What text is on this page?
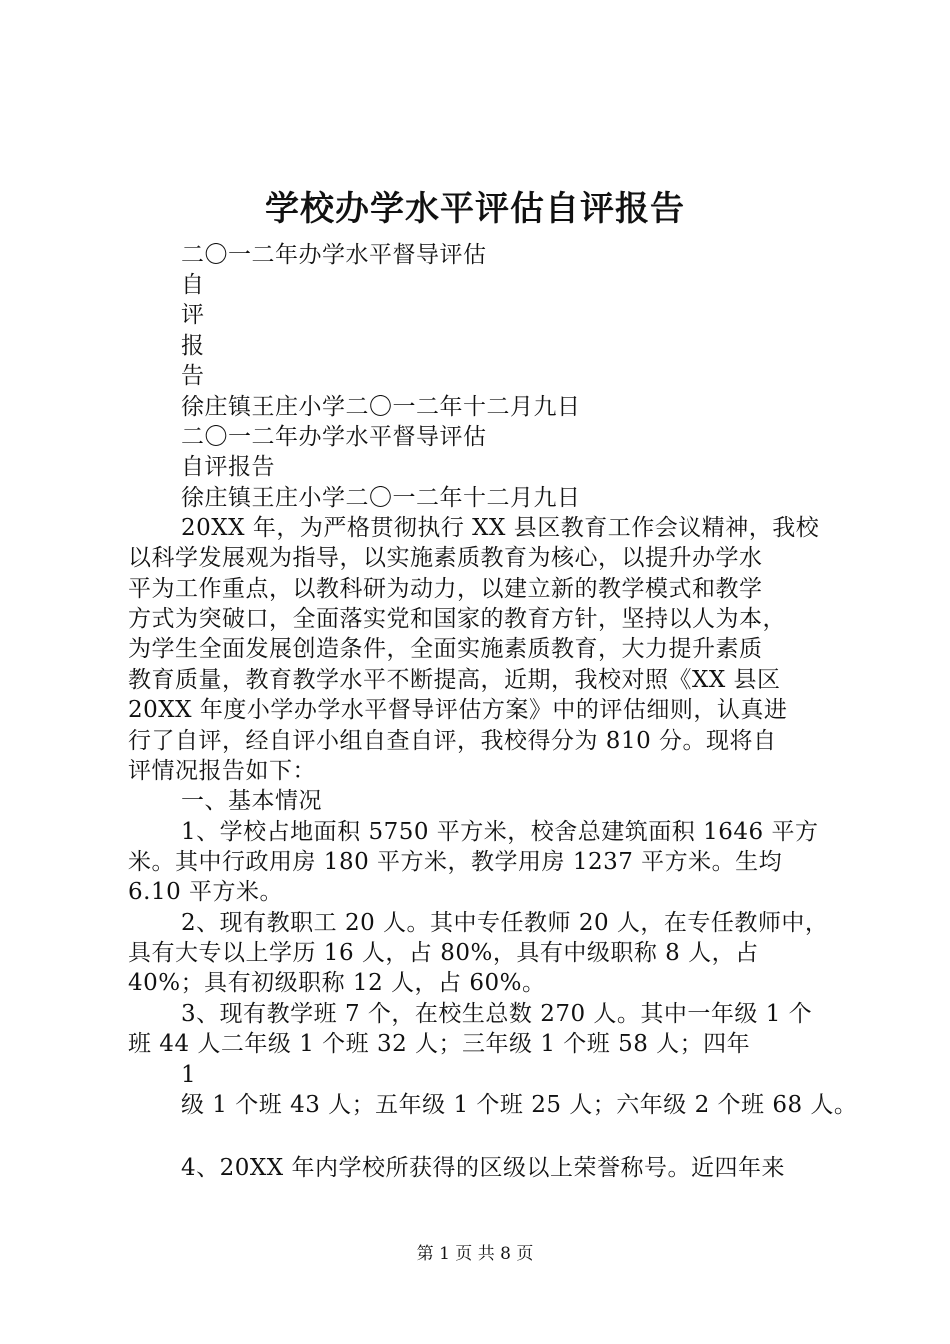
学校办学水平评估自评报告
二〇一二年办学水平督导评估
自
评
报
告
徐庄镇王庄小学二〇一二年十二月九日
二〇一二年办学水平督导评估
自评报告
徐庄镇王庄小学二〇一二年十二月九日
20XX 年，为严格贯彻执行 XX 县区教育工作会议精神，我校
以科学发展观为指导，以实施素质教育为核心，以提升办学水
平为工作重点，以教科研为动力，以建立新的教学模式和教学
方式为突破口，全面落实党和国家的教育方针，坚持以人为本，
为学生全面发展创造条件，全面实施素质教育，大力提升素质
教育质量，教育教学水平不断提高，近期，我校对照《XX 县区
20XX 年度小学办学水平督导评估方案》中的评估细则，认真进
行了自评，经自评小组自查自评，我校得分为 810 分。现将自
评情况报告如下：
一、基本情况
1、学校占地面积 5750 平方米，校舍总建筑面积 1646 平方
米。其中行政用房 180 平方米，教学用房 1237 平方米。生均
6.10 平方米。
2、现有教职工 20 人。其中专任教师 20 人，在专任教师中，
具有大专以上学历 16 人，占 80%，具有中级职称 8 人，占
40%；具有初级职称 12 人，占 60%。
3、现有教学班 7 个，在校生总数 270 人。其中一年级 1 个
班 44 人二年级 1 个班 32 人；三年级 1 个班 58 人；四年
1
级 1 个班 43 人；五年级 1 个班 25 人；六年级 2 个班 68 人。
4、20XX 年内学校所获得的区级以上荣誉称号。近四年来
第 1 页 共 8 页
